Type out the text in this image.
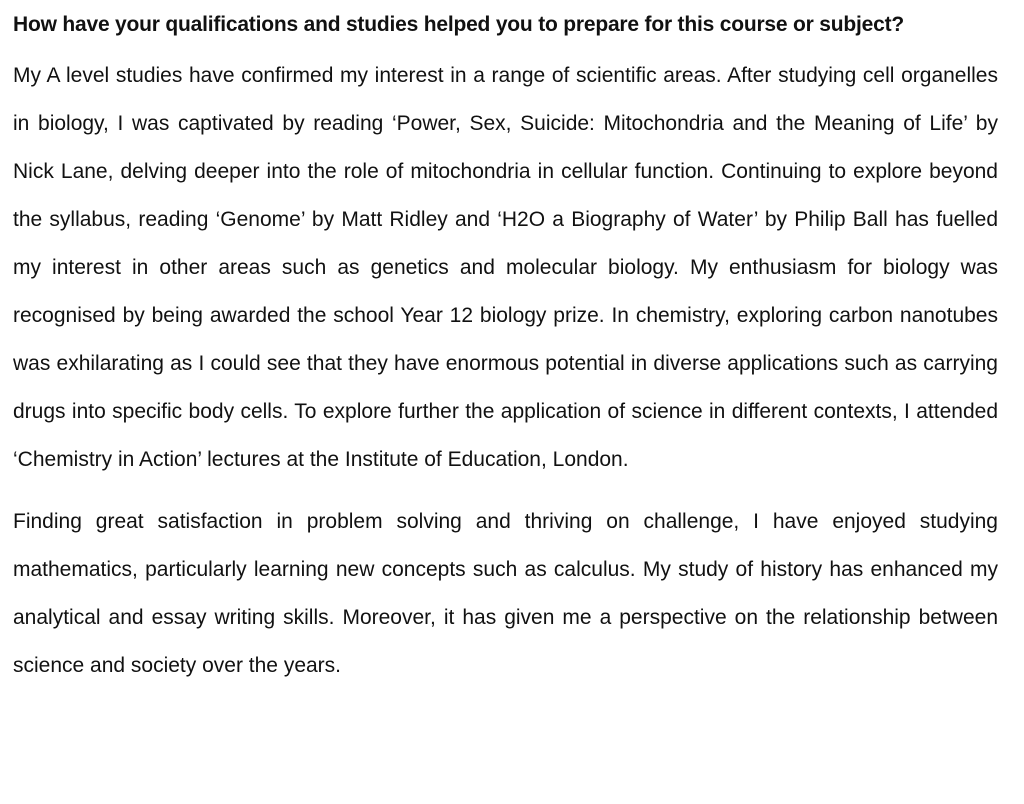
How have your qualifications and studies helped you to prepare for this course or subject?

My A level studies have confirmed my interest in a range of scientific areas. After studying cell organelles in biology, I was captivated by reading ‘Power, Sex, Suicide: Mitochondria and the Meaning of Life’ by Nick Lane, delving deeper into the role of mitochondria in cellular function. Continuing to explore beyond the syllabus, reading ‘Genome’ by Matt Ridley and ‘H2O a Biography of Water’ by Philip Ball has fuelled my interest in other areas such as genetics and molecular biology. My enthusiasm for biology was recognised by being awarded the school Year 12 biology prize. In chemistry, exploring carbon nanotubes was exhilarating as I could see that they have enormous potential in diverse applications such as carrying drugs into specific body cells. To explore further the application of science in different contexts, I attended ‘Chemistry in Action’ lectures at the Institute of Education, London.

Finding great satisfaction in problem solving and thriving on challenge, I have enjoyed studying mathematics, particularly learning new concepts such as calculus. My study of history has enhanced my analytical and essay writing skills. Moreover, it has given me a perspective on the relationship between science and society over the years.
